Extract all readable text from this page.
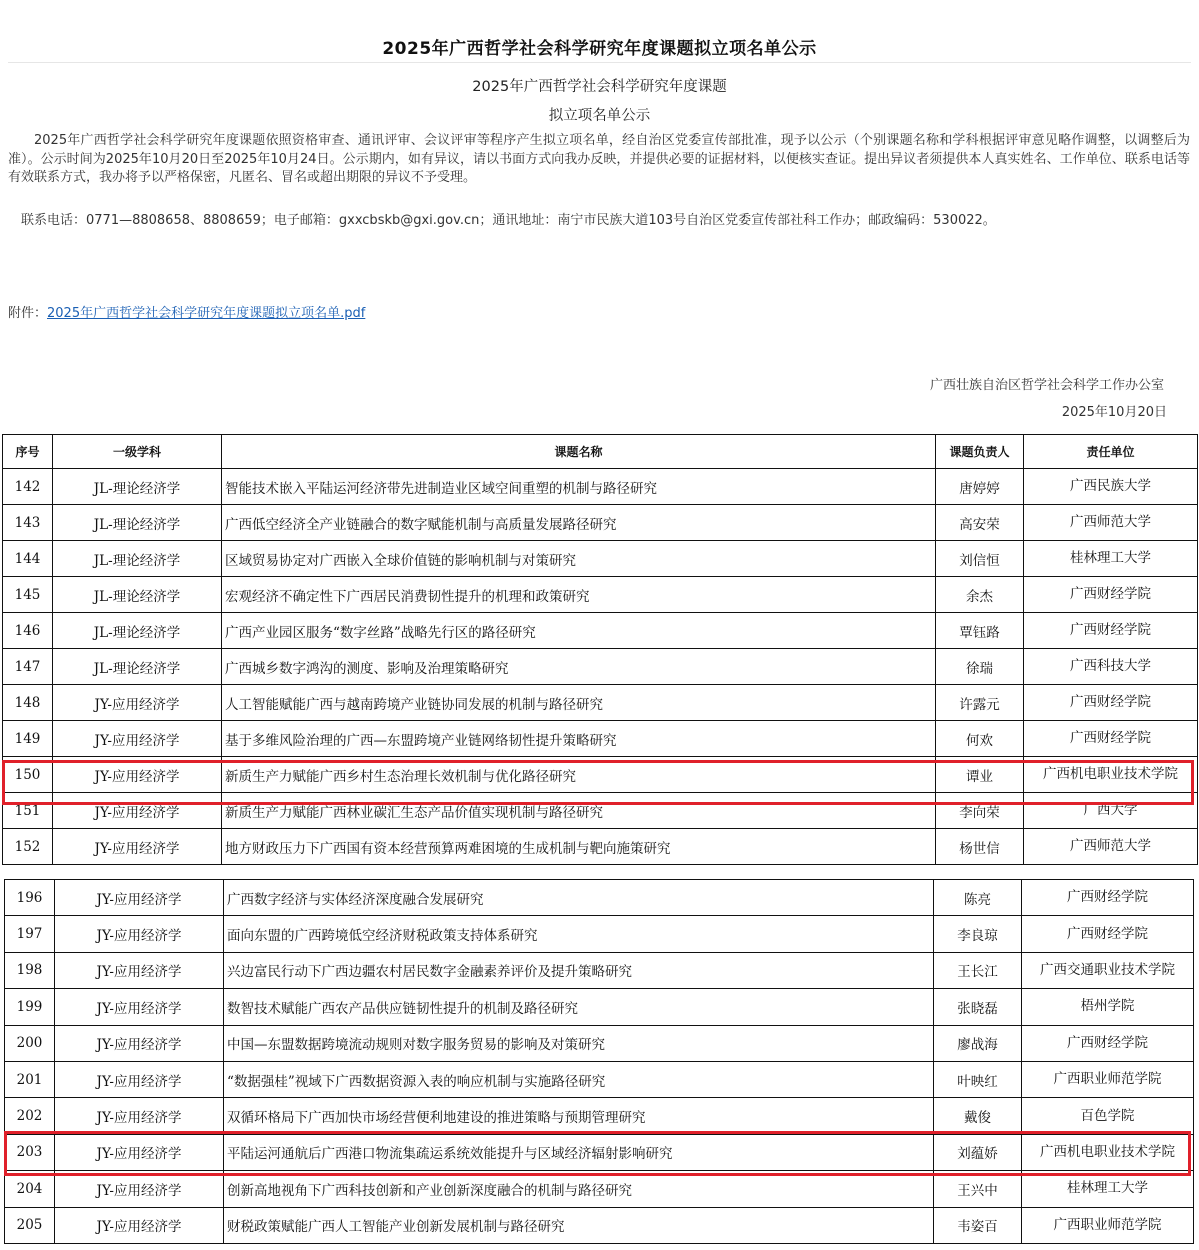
2025年广西哲学社会科学研究年度课题拟立项名单公示
2025年广西哲学社会科学研究年度课题
拟立项名单公示
2025年广西哲学社会科学研究年度课题依照资格审查、通讯评审、会议评审等程序产生拟立项名单，经自治区党委宣传部批准，现予以公示（个别课题名称和学科根据评审意见略作调整，以调整后为准）。公示时间为2025年10月20日至2025年10月24日。公示期内，如有异议，请以书面方式向我办反映，并提供必要的证据材料，以便核实查证。提出异议者须提供本人真实姓名、工作单位、联系电话等有效联系方式，我办将予以严格保密，凡匿名、冒名或超出期限的异议不予受理。
联系电话：0771—8808658、8808659；电子邮箱：gxxcbskb@gxi.gov.cn；通讯地址：南宁市民族大道103号自治区党委宣传部社科工作办；邮政编码：530022。
附件：2025年广西哲学社会科学研究年度课题拟立项名单.pdf
广西壮族自治区哲学社会科学工作办公室
2025年10月20日
序号	一级学科	课题名称	课题负责人	责任单位
142	JL-理论经济学	智能技术嵌入平陆运河经济带先进制造业区域空间重塑的机制与路径研究	唐婷婷	广西民族大学
143	JL-理论经济学	广西低空经济全产业链融合的数字赋能机制与高质量发展路径研究	高安荣	广西师范大学
144	JL-理论经济学	区域贸易协定对广西嵌入全球价值链的影响机制与对策研究	刘信恒	桂林理工大学
145	JL-理论经济学	宏观经济不确定性下广西居民消费韧性提升的机理和政策研究	余杰	广西财经学院
146	JL-理论经济学	广西产业园区服务“数字丝路”战略先行区的路径研究	覃钰路	广西财经学院
147	JL-理论经济学	广西城乡数字鸿沟的测度、影响及治理策略研究	徐瑞	广西科技大学
148	JY-应用经济学	人工智能赋能广西与越南跨境产业链协同发展的机制与路径研究	许露元	广西财经学院
149	JY-应用经济学	基于多维风险治理的广西—东盟跨境产业链网络韧性提升策略研究	何欢	广西财经学院
150	JY-应用经济学	新质生产力赋能广西乡村生态治理长效机制与优化路径研究	谭业	广西机电职业技术学院
151	JY-应用经济学	新质生产力赋能广西林业碳汇生态产品价值实现机制与路径研究	李向荣	广西大学
152	JY-应用经济学	地方财政压力下广西国有资本经营预算两难困境的生成机制与靶向施策研究	杨世信	广西师范大学
196	JY-应用经济学	广西数字经济与实体经济深度融合发展研究	陈亮	广西财经学院
197	JY-应用经济学	面向东盟的广西跨境低空经济财税政策支持体系研究	李良琼	广西财经学院
198	JY-应用经济学	兴边富民行动下广西边疆农村居民数字金融素养评价及提升策略研究	王长江	广西交通职业技术学院
199	JY-应用经济学	数智技术赋能广西农产品供应链韧性提升的机制及路径研究	张晓磊	梧州学院
200	JY-应用经济学	中国—东盟数据跨境流动规则对数字服务贸易的影响及对策研究	廖战海	广西财经学院
201	JY-应用经济学	“数据强桂”视域下广西数据资源入表的响应机制与实施路径研究	叶映红	广西职业师范学院
202	JY-应用经济学	双循环格局下广西加快市场经营便利地建设的推进策略与预期管理研究	戴俊	百色学院
203	JY-应用经济学	平陆运河通航后广西港口物流集疏运系统效能提升与区域经济辐射影响研究	刘蕴娇	广西机电职业技术学院
204	JY-应用经济学	创新高地视角下广西科技创新和产业创新深度融合的机制与路径研究	王兴中	桂林理工大学
205	JY-应用经济学	财税政策赋能广西人工智能产业创新发展机制与路径研究	韦姿百	广西职业师范学院
